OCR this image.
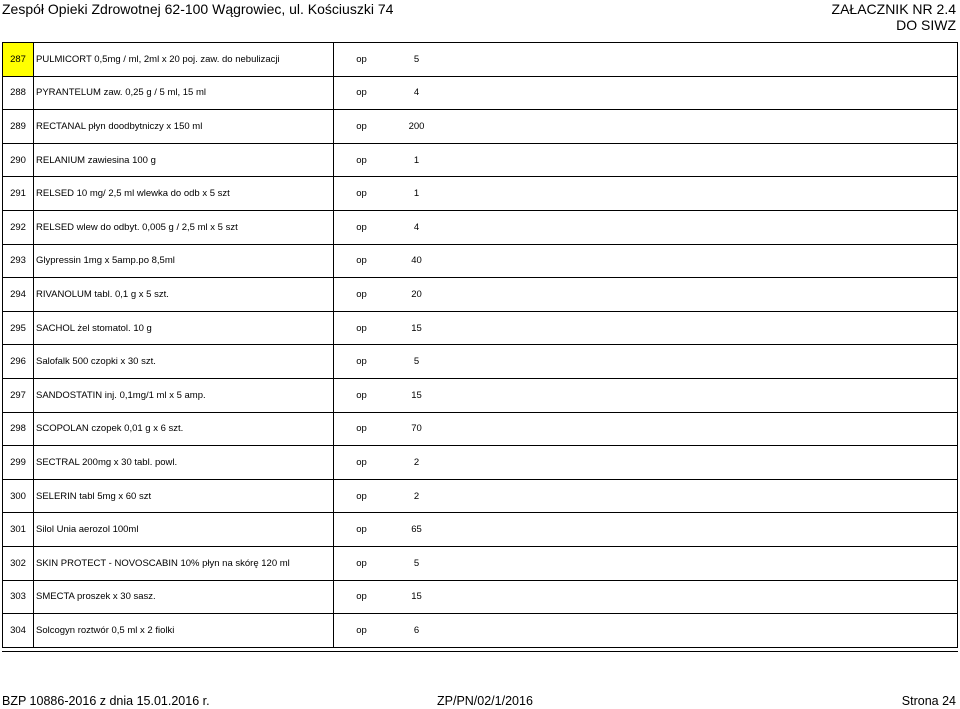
Zespół Opieki Zdrowotnej 62-100 Wągrowiec, ul. Kościuszki 74	ZAŁACZNIK NR 2.4
DO SIWZ
287	PULMICORT 0,5mg / ml, 2ml x 20 poj. zaw. do nebulizacji	op	5	
288	PYRANTELUM zaw. 0,25 g / 5 ml, 15 ml	op	4	
289	RECTANAL płyn doodbytniczy x 150 ml	op	200	
290	RELANIUM zawiesina 100 g	op	1	
291	RELSED 10 mg/ 2,5 ml wlewka do odb x 5 szt	op	1	
292	RELSED wlew do odbyt. 0,005 g / 2,5 ml x 5 szt	op	4	
293	Glypressin 1mg x 5amp.po 8,5ml	op	40	
294	RIVANOLUM tabl. 0,1 g x 5 szt.	op	20	
295	SACHOL żel stomatol. 10 g	op	15	
296	Salofalk 500 czopki x 30 szt.	op	5	
297	SANDOSTATIN inj. 0,1mg/1 ml x 5 amp.	op	15	
298	SCOPOLAN czopek 0,01 g x 6 szt.	op	70	
299	SECTRAL 200mg x 30 tabl. powl.	op	2	
300	SELERIN tabl 5mg x 60 szt	op	2	
301	Silol Unia aerozol 100ml	op	65	
302	SKIN PROTECT - NOVOSCABIN 10% płyn na skórę 120 ml	op	5	
303	SMECTA proszek x 30 sasz.	op	15	
304	Solcogyn roztwór 0,5 ml x 2 fiolki	op	6	
BZP 10886-2016 z dnia 15.01.2016 r.	ZP/PN/02/1/2016	Strona 24
